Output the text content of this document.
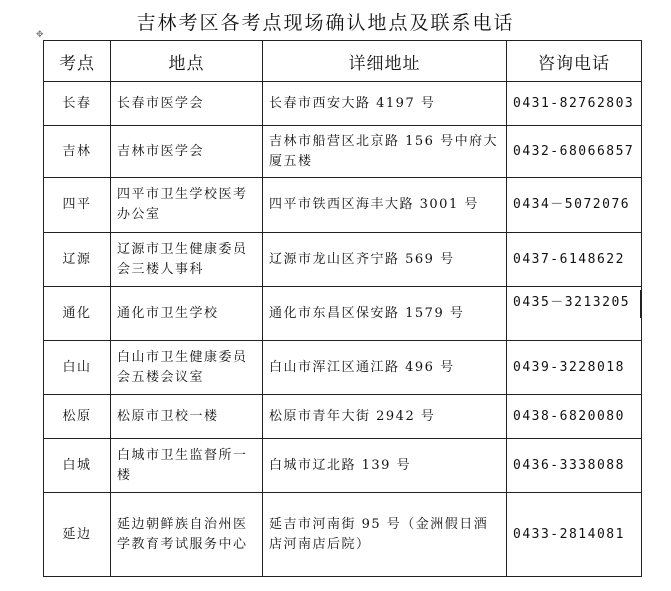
吉林考区各考点现场确认地点及联系电话
✥
考点	地点	详细地址	咨询电话
长春	长春市医学会	长春市西安大路 4197 号	0431-82762803
吉林	吉林市医学会	吉林市船营区北京路 156 号中府大厦五楼	0432-68066857
四平	四平市卫生学校医考办公室	四平市铁西区海丰大路 3001 号	0434－5072076
辽源	辽源市卫生健康委员会三楼人事科	辽源市龙山区齐宁路 569 号	0437-6148622
通化	通化市卫生学校	通化市东昌区保安路 1579 号	0435－3213205
白山	白山市卫生健康委员会五楼会议室	白山市浑江区通江路 496 号	0439-3228018
松原	松原市卫校一楼	松原市青年大街 2942 号	0438-6820080
白城	白城市卫生监督所一楼	白城市辽北路 139 号	0436-3338088
延边	延边朝鲜族自治州医学教育考试服务中心	延吉市河南街 95 号（金洲假日酒店河南店后院）	0433-2814081
